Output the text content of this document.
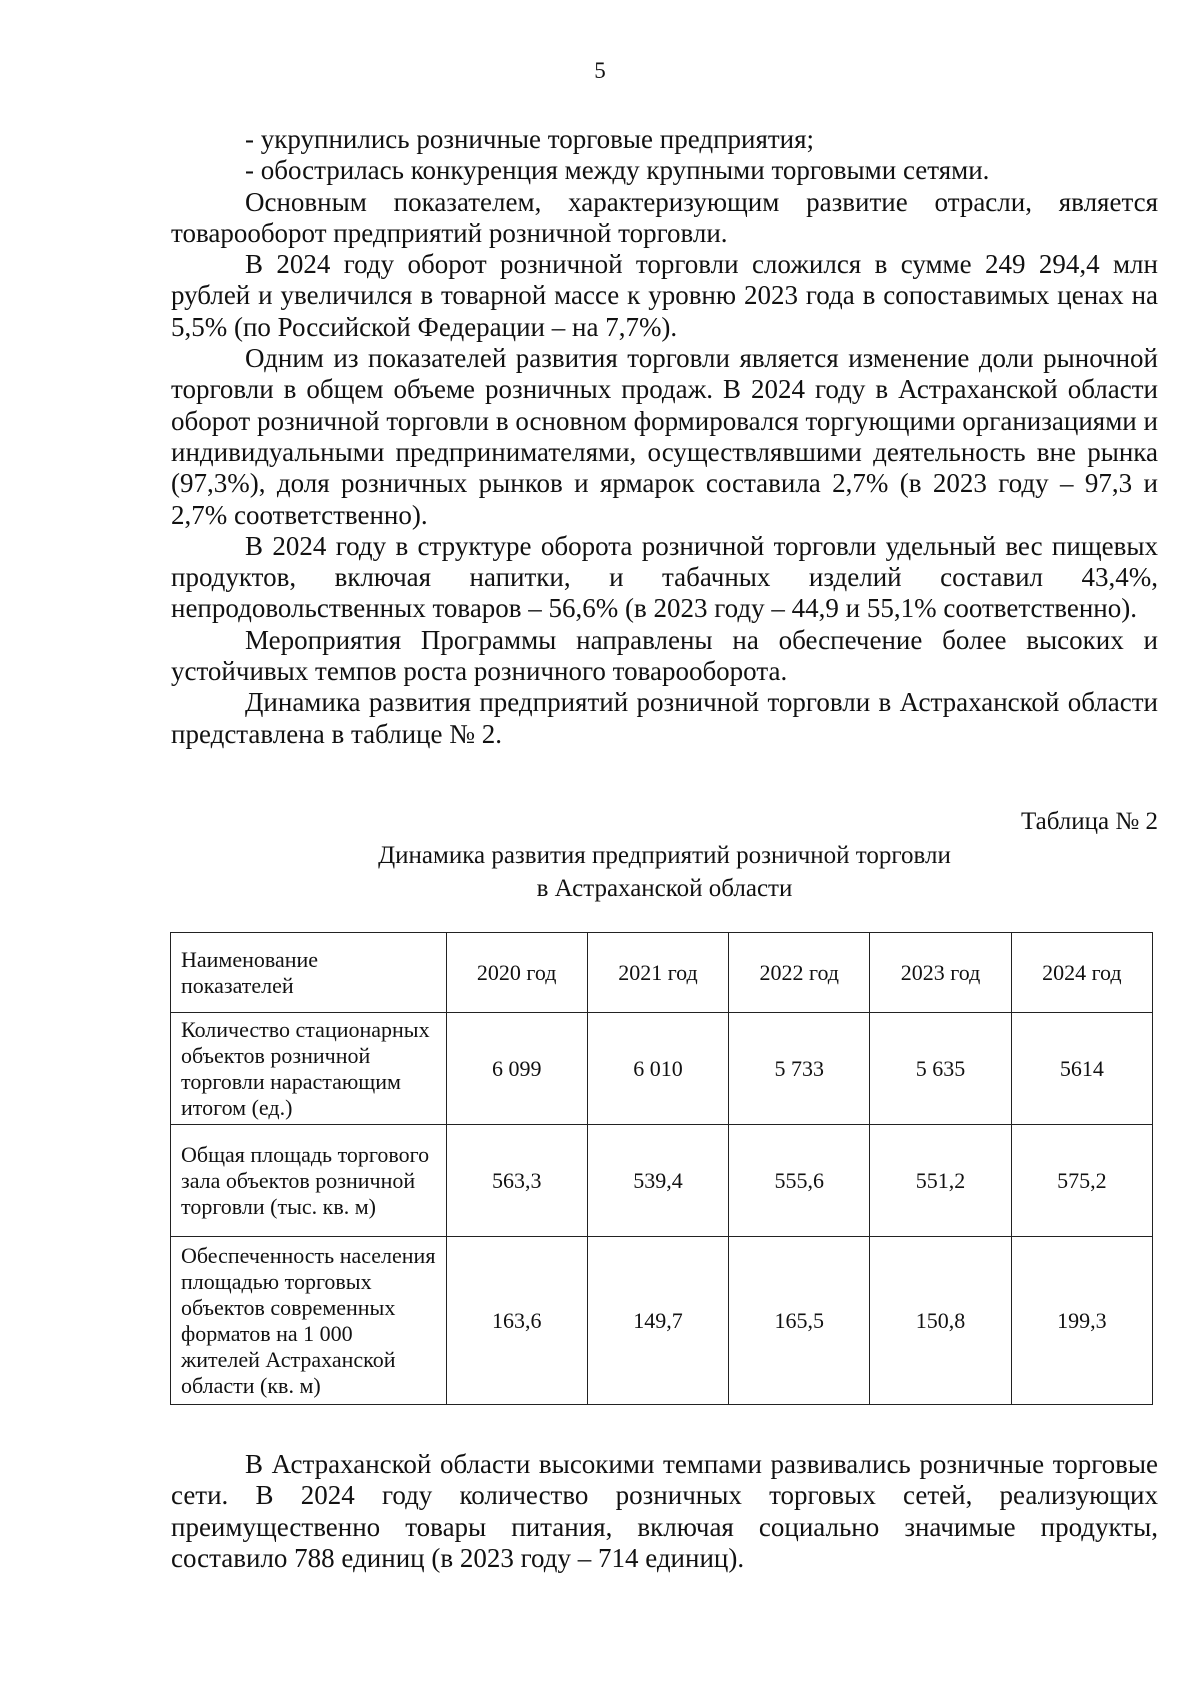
5

- укрупнились розничные торговые предприятия;

- обострилась конкуренция между крупными торговыми сетями.

Основным показателем, характеризующим развитие отрасли, является товарооборот предприятий розничной торговли.

В 2024 году оборот розничной торговли сложился в сумме 249 294,4 млн рублей и увеличился в товарной массе к уровню 2023 года в сопоставимых ценах на 5,5% (по Российской Федерации – на 7,7%).

Одним из показателей развития торговли является изменение доли рыночной торговли в общем объеме розничных продаж. В 2024 году в Астраханской области оборот розничной торговли в основном формировался торгующими организациями и индивидуальными предпринимателями, осуществлявшими деятельность вне рынка (97,3%), доля розничных рынков и ярмарок составила 2,7% (в 2023 году – 97,3 и 2,7% соответственно).

В 2024 году в структуре оборота розничной торговли удельный вес пищевых продуктов, включая напитки, и табачных изделий составил 43,4%, непродовольственных товаров – 56,6% (в 2023 году – 44,9 и 55,1% соответственно).

Мероприятия Программы направлены на обеспечение более высоких и устойчивых темпов роста розничного товарооборота.

Динамика развития предприятий розничной торговли в Астраханской области представлена в таблице № 2.

Таблица № 2
Динамика развития предприятий розничной торговли
в Астраханской области
Наименование показателей	2020 год	2021 год	2022 год	2023 год	2024 год
Количество стационарных объектов розничной торговли нарастающим итогом (ед.)	6 099	6 010	5 733	5 635	5614
Общая площадь торгового зала объектов розничной торговли (тыс. кв. м)	563,3	539,4	555,6	551,2	575,2
Обеспеченность населения площадью торговых объектов современных форматов на 1 000 жителей Астраханской области (кв. м)	163,6	149,7	165,5	150,8	199,3

В Астраханской области высокими темпами развивались розничные торговые сети. В 2024 году количество розничных торговых сетей, реализующих преимущественно товары питания, включая социально значимые продукты, составило 788 единиц (в 2023 году – 714 единиц).
